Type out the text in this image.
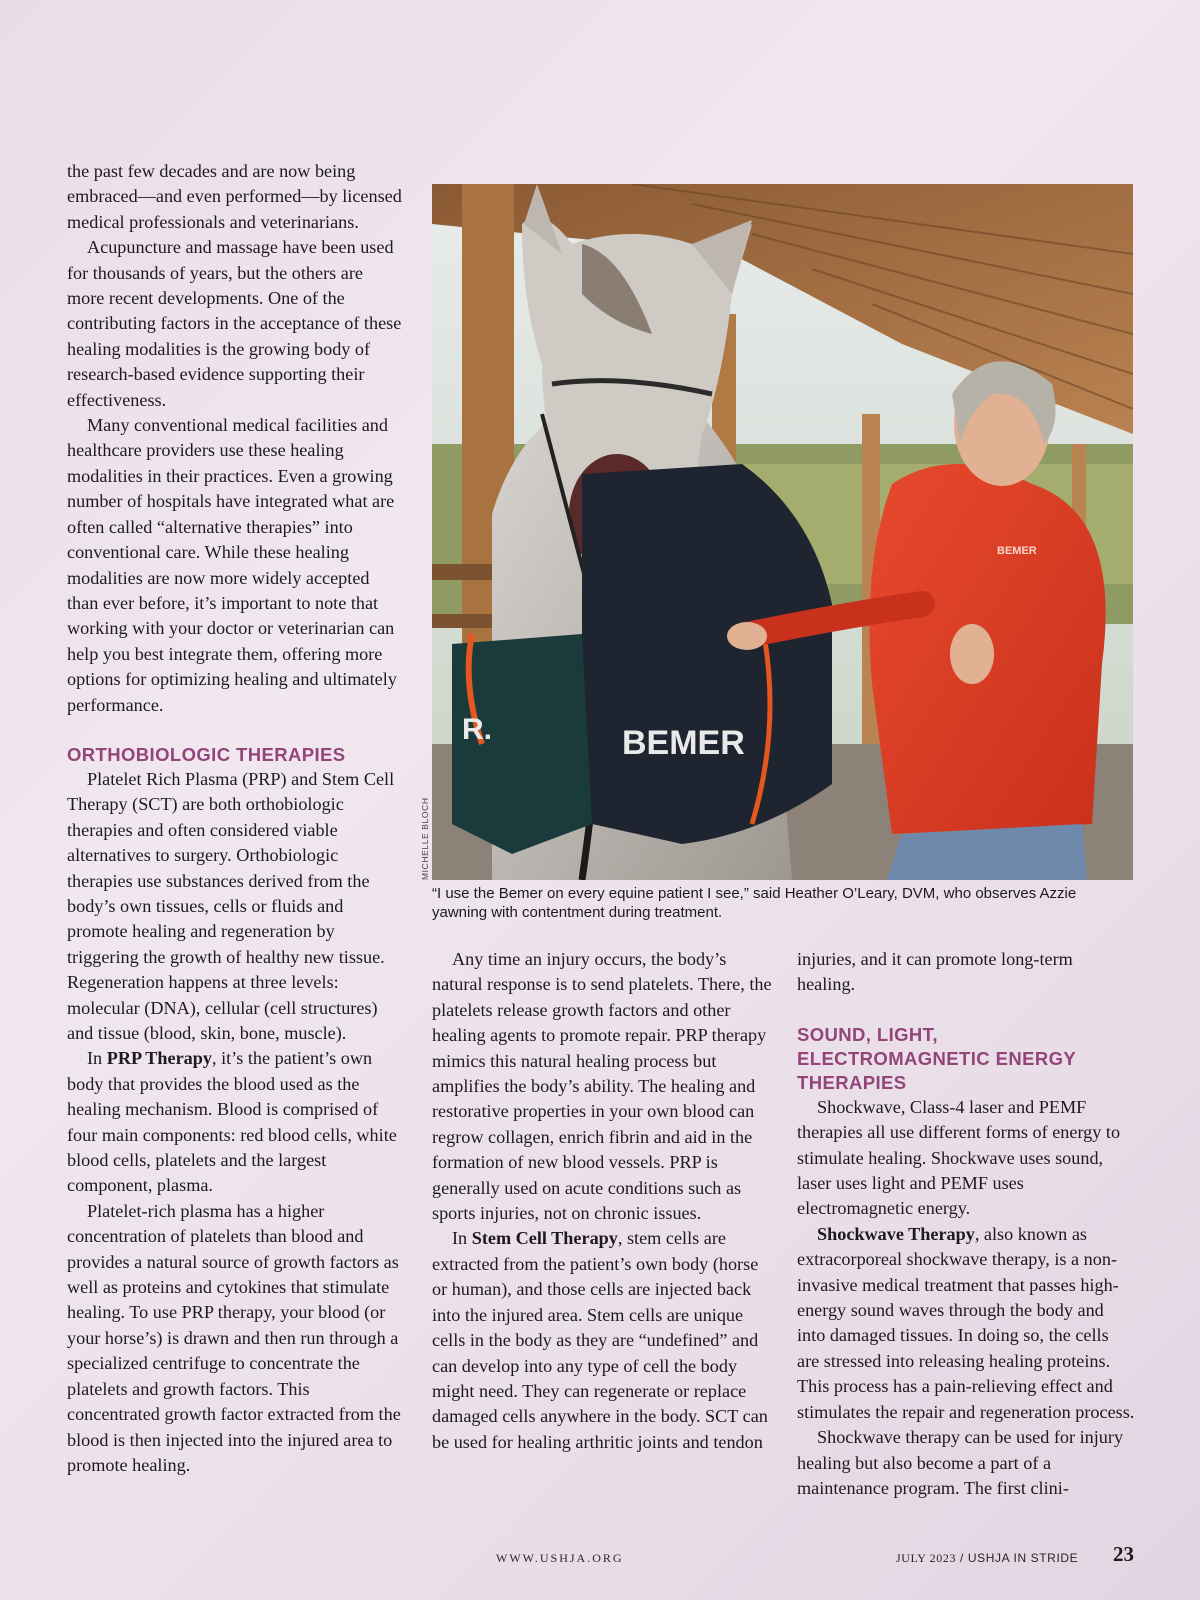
the past few decades and are now being embraced—and even performed—by licensed medical professionals and veterinarians.

Acupuncture and massage have been used for thousands of years, but the others are more recent developments. One of the contributing factors in the acceptance of these healing modalities is the growing body of research-based evidence supporting their effectiveness.

Many conventional medical facilities and healthcare providers use these healing modalities in their practices. Even a growing number of hospitals have integrated what are often called “alternative therapies” into conventional care. While these healing modalities are now more widely accepted than ever before, it’s important to note that working with your doctor or veterinarian can help you best integrate them, offering more options for optimizing healing and ultimately performance.

ORTHOBIOLOGIC THERAPIES

Platelet Rich Plasma (PRP) and Stem Cell Therapy (SCT) are both orthobiologic therapies and often considered viable alternatives to surgery. Orthobiologic therapies use substances derived from the body’s own tissues, cells or fluids and promote healing and regeneration by triggering the growth of healthy new tissue. Regeneration happens at three levels: molecular (DNA), cellular (cell structures) and tissue (blood, skin, bone, muscle).

In PRP Therapy, it’s the patient’s own body that provides the blood used as the healing mechanism. Blood is comprised of four main components: red blood cells, white blood cells, platelets and the largest component, plasma.

Platelet-rich plasma has a higher concentration of platelets than blood and provides a natural source of growth factors as well as proteins and cytokines that stimulate healing. To use PRP therapy, your blood (or your horse’s) is drawn and then run through a specialized centrifuge to concentrate the platelets and growth factors. This concentrated growth factor extracted from the blood is then injected into the injured area to promote healing.

BEMER
R.
BEMER
MICHELLE BLOCH
“I use the Bemer on every equine patient I see,” said Heather O’Leary, DVM, who observes Azzie yawning with contentment during treatment.

Any time an injury occurs, the body’s natural response is to send platelets. There, the platelets release growth factors and other healing agents to promote repair. PRP therapy mimics this natural healing process but amplifies the body’s ability. The healing and restorative properties in your own blood can regrow collagen, enrich fibrin and aid in the formation of new blood vessels. PRP is generally used on acute conditions such as sports injuries, not on chronic issues.

In Stem Cell Therapy, stem cells are extracted from the patient’s own body (horse or human), and those cells are injected back into the injured area. Stem cells are unique cells in the body as they are “undefined” and can develop into any type of cell the body might need. They can regenerate or replace damaged cells anywhere in the body. SCT can be used for healing arthritic joints and tendon

injuries, and it can promote long-term healing.

SOUND, LIGHT, ELECTROMAGNETIC ENERGY THERAPIES

Shockwave, Class-4 laser and PEMF therapies all use different forms of energy to stimulate healing. Shockwave uses sound, laser uses light and PEMF uses electromagnetic energy.

Shockwave Therapy, also known as extracorporeal shockwave therapy, is a non-invasive medical treatment that passes high-energy sound waves through the body and into damaged tissues. In doing so, the cells are stressed into releasing healing proteins. This process has a pain-relieving effect and stimulates the repair and regeneration process.

Shockwave therapy can be used for injury healing but also become a part of a maintenance program. The first clini-

WWW.USHJA.ORG	JULY 2023 / USHJA IN STRIDE 23
